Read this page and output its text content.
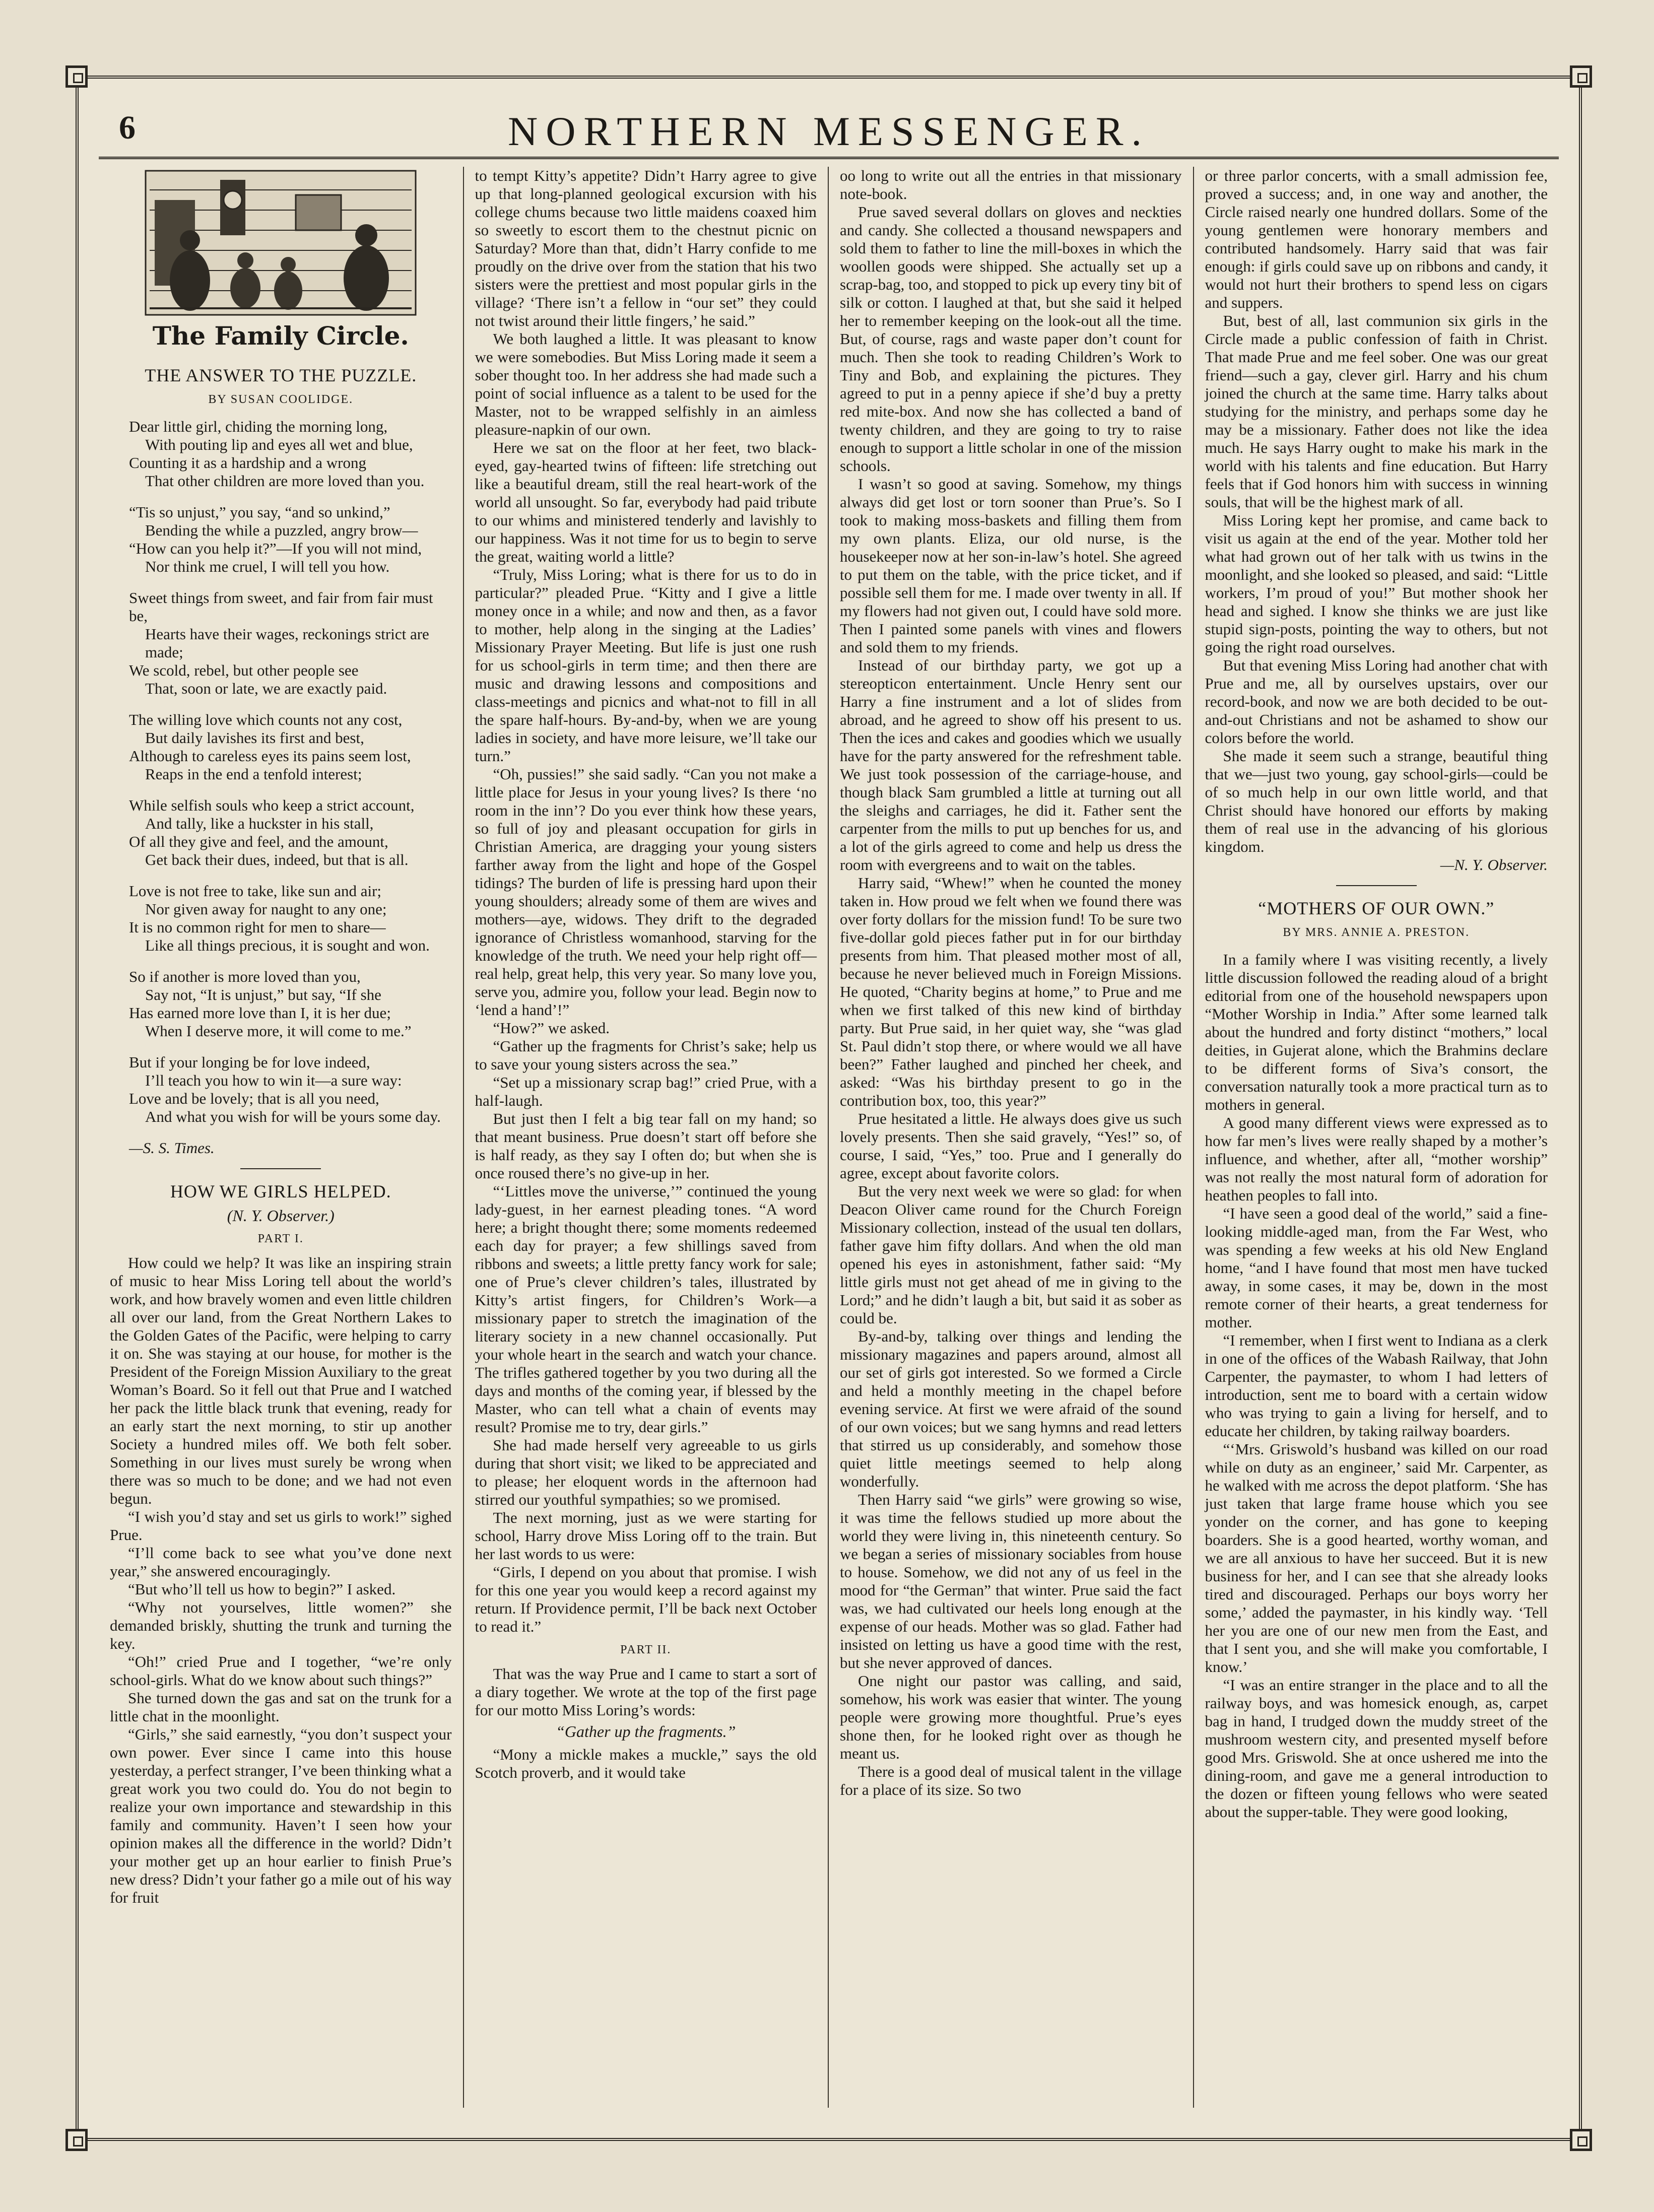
6	NORTHERN MESSENGER.
The Family Circle.
THE ANSWER TO THE PUZZLE.
BY SUSAN COOLIDGE.
Dear little girl, chiding the morning long,
With pouting lip and eyes all wet and blue,
Counting it as a hardship and a wrong
That other children are more loved than you.
“Tis so unjust,” you say, “and so unkind,”
Bending the while a puzzled, angry brow—
“How can you help it?”—If you will not mind,
Nor think me cruel, I will tell you how.
Sweet things from sweet, and fair from fair must be,
Hearts have their wages, reckonings strict are made;
We scold, rebel, but other people see
That, soon or late, we are exactly paid.
The willing love which counts not any cost,
But daily lavishes its first and best,
Although to careless eyes its pains seem lost,
Reaps in the end a tenfold interest;
While selfish souls who keep a strict account,
And tally, like a huckster in his stall,
Of all they give and feel, and the amount,
Get back their dues, indeed, but that is all.
Love is not free to take, like sun and air;
Nor given away for naught to any one;
It is no common right for men to share—
Like all things precious, it is sought and won.
So if another is more loved than you,
Say not, “It is unjust,” but say, “If she
Has earned more love than I, it is her due;
When I deserve more, it will come to me.”
But if your longing be for love indeed,
I’ll teach you how to win it—a sure way:
Love and be lovely; that is all you need,
And what you wish for will be yours some day.
—S. S. Times.
HOW WE GIRLS HELPED.
(N. Y. Observer.)
PART I.

How could we help? It was like an inspiring strain of music to hear Miss Loring tell about the world’s work, and how bravely women and even little children all over our land, from the Great Northern Lakes to the Golden Gates of the Pacific, were helping to carry it on. She was staying at our house, for mother is the President of the Foreign Mission Auxiliary to the great Woman’s Board. So it fell out that Prue and I watched her pack the little black trunk that evening, ready for an early start the next morning, to stir up another Society a hundred miles off. We both felt sober. Something in our lives must surely be wrong when there was so much to be done; and we had not even begun.

“I wish you’d stay and set us girls to work!” sighed Prue.

“I’ll come back to see what you’ve done next year,” she answered encouragingly.

“But who’ll tell us how to begin?” I asked.

“Why not yourselves, little women?” she demanded briskly, shutting the trunk and turning the key.

“Oh!” cried Prue and I together, “we’re only school-girls. What do we know about such things?”

She turned down the gas and sat on the trunk for a little chat in the moonlight.

“Girls,” she said earnestly, “you don’t suspect your own power. Ever since I came into this house yesterday, a perfect stranger, I’ve been thinking what a great work you two could do. You do not begin to realize your own importance and stewardship in this family and community. Haven’t I seen how your opinion makes all the difference in the world? Didn’t your mother get up an hour earlier to finish Prue’s new dress? Didn’t your father go a mile out of his way for fruit

to tempt Kitty’s appetite? Didn’t Harry agree to give up that long-planned geological excursion with his college chums because two little maidens coaxed him so sweetly to escort them to the chestnut picnic on Saturday? More than that, didn’t Harry confide to me proudly on the drive over from the station that his two sisters were the prettiest and most popular girls in the village? ‘There isn’t a fellow in “our set” they could not twist around their little fingers,’ he said.”

We both laughed a little. It was pleasant to know we were somebodies. But Miss Loring made it seem a sober thought too. In her address she had made such a point of social influence as a talent to be used for the Master, not to be wrapped selfishly in an aimless pleasure-napkin of our own.

Here we sat on the floor at her feet, two black-eyed, gay-hearted twins of fifteen: life stretching out like a beautiful dream, still the real heart-work of the world all unsought. So far, everybody had paid tribute to our whims and ministered tenderly and lavishly to our happiness. Was it not time for us to begin to serve the great, waiting world a little?

“Truly, Miss Loring; what is there for us to do in particular?” pleaded Prue. “Kitty and I give a little money once in a while; and now and then, as a favor to mother, help along in the singing at the Ladies’ Missionary Prayer Meeting. But life is just one rush for us school-girls in term time; and then there are music and drawing lessons and compositions and class-meetings and picnics and what-not to fill in all the spare half-hours. By-and-by, when we are young ladies in society, and have more leisure, we’ll take our turn.”

“Oh, pussies!” she said sadly. “Can you not make a little place for Jesus in your young lives? Is there ‘no room in the inn’? Do you ever think how these years, so full of joy and pleasant occupation for girls in Christian America, are dragging your young sisters farther away from the light and hope of the Gospel tidings? The burden of life is pressing hard upon their young shoulders; already some of them are wives and mothers—aye, widows. They drift to the degraded ignorance of Christless womanhood, starving for the knowledge of the truth. We need your help right off—real help, great help, this very year. So many love you, serve you, admire you, follow your lead. Begin now to ‘lend a hand’!”

“How?” we asked.

“Gather up the fragments for Christ’s sake; help us to save your young sisters across the sea.”

“Set up a missionary scrap bag!” cried Prue, with a half-laugh.

But just then I felt a big tear fall on my hand; so that meant business. Prue doesn’t start off before she is half ready, as they say I often do; but when she is once roused there’s no give-up in her.

“‘Littles move the universe,’” continued the young lady-guest, in her earnest pleading tones. “A word here; a bright thought there; some moments redeemed each day for prayer; a few shillings saved from ribbons and sweets; a little pretty fancy work for sale; one of Prue’s clever children’s tales, illustrated by Kitty’s artist fingers, for Children’s Work—a missionary paper to stretch the imagination of the literary society in a new channel occasionally. Put your whole heart in the search and watch your chance. The trifles gathered together by you two during all the days and months of the coming year, if blessed by the Master, who can tell what a chain of events may result? Promise me to try, dear girls.”

She had made herself very agreeable to us girls during that short visit; we liked to be appreciated and to please; her eloquent words in the afternoon had stirred our youthful sympathies; so we promised.

The next morning, just as we were starting for school, Harry drove Miss Loring off to the train. But her last words to us were:

“Girls, I depend on you about that promise. I wish for this one year you would keep a record against my return. If Providence permit, I’ll be back next October to read it.”

PART II.

That was the way Prue and I came to start a sort of a diary together. We wrote at the top of the first page for our motto Miss Loring’s words:

“Gather up the fragments.”

“Mony a mickle makes a muckle,” says the old Scotch proverb, and it would take

oo long to write out all the entries in that missionary note-book.

Prue saved several dollars on gloves and neckties and candy. She collected a thousand newspapers and sold them to father to line the mill-boxes in which the woollen goods were shipped. She actually set up a scrap-bag, too, and stopped to pick up every tiny bit of silk or cotton. I laughed at that, but she said it helped her to remember keeping on the look-out all the time. But, of course, rags and waste paper don’t count for much. Then she took to reading Children’s Work to Tiny and Bob, and explaining the pictures. They agreed to put in a penny apiece if she’d buy a pretty red mite-box. And now she has collected a band of twenty children, and they are going to try to raise enough to support a little scholar in one of the mission schools.

I wasn’t so good at saving. Somehow, my things always did get lost or torn sooner than Prue’s. So I took to making moss-baskets and filling them from my own plants. Eliza, our old nurse, is the housekeeper now at her son-in-law’s hotel. She agreed to put them on the table, with the price ticket, and if possible sell them for me. I made over twenty in all. If my flowers had not given out, I could have sold more. Then I painted some panels with vines and flowers and sold them to my friends.

Instead of our birthday party, we got up a stereopticon entertainment. Uncle Henry sent our Harry a fine instrument and a lot of slides from abroad, and he agreed to show off his present to us. Then the ices and cakes and goodies which we usually have for the party answered for the refreshment table. We just took possession of the carriage-house, and though black Sam grumbled a little at turning out all the sleighs and carriages, he did it. Father sent the carpenter from the mills to put up benches for us, and a lot of the girls agreed to come and help us dress the room with evergreens and to wait on the tables.

Harry said, “Whew!” when he counted the money taken in. How proud we felt when we found there was over forty dollars for the mission fund! To be sure two five-dollar gold pieces father put in for our birthday presents from him. That pleased mother most of all, because he never believed much in Foreign Missions. He quoted, “Charity begins at home,” to Prue and me when we first talked of this new kind of birthday party. But Prue said, in her quiet way, she “was glad St. Paul didn’t stop there, or where would we all have been?” Father laughed and pinched her cheek, and asked: “Was his birthday present to go in the contribution box, too, this year?”

Prue hesitated a little. He always does give us such lovely presents. Then she said gravely, “Yes!” so, of course, I said, “Yes,” too. Prue and I generally do agree, except about favorite colors.

But the very next week we were so glad: for when Deacon Oliver came round for the Church Foreign Missionary collection, instead of the usual ten dollars, father gave him fifty dollars. And when the old man opened his eyes in astonishment, father said: “My little girls must not get ahead of me in giving to the Lord;” and he didn’t laugh a bit, but said it as sober as could be.

By-and-by, talking over things and lending the missionary magazines and papers around, almost all our set of girls got interested. So we formed a Circle and held a monthly meeting in the chapel before evening service. At first we were afraid of the sound of our own voices; but we sang hymns and read letters that stirred us up considerably, and somehow those quiet little meetings seemed to help along wonderfully.

Then Harry said “we girls” were growing so wise, it was time the fellows studied up more about the world they were living in, this nineteenth century. So we began a series of missionary sociables from house to house. Somehow, we did not any of us feel in the mood for “the German” that winter. Prue said the fact was, we had cultivated our heels long enough at the expense of our heads. Mother was so glad. Father had insisted on letting us have a good time with the rest, but she never approved of dances.

One night our pastor was calling, and said, somehow, his work was easier that winter. The young people were growing more thoughtful. Prue’s eyes shone then, for he looked right over as though he meant us.

There is a good deal of musical talent in the village for a place of its size. So two

or three parlor concerts, with a small admission fee, proved a success; and, in one way and another, the Circle raised nearly one hundred dollars. Some of the young gentlemen were honorary members and contributed handsomely. Harry said that was fair enough: if girls could save up on ribbons and candy, it would not hurt their brothers to spend less on cigars and suppers.

But, best of all, last communion six girls in the Circle made a public confession of faith in Christ. That made Prue and me feel sober. One was our great friend—such a gay, clever girl. Harry and his chum joined the church at the same time. Harry talks about studying for the ministry, and perhaps some day he may be a missionary. Father does not like the idea much. He says Harry ought to make his mark in the world with his talents and fine education. But Harry feels that if God honors him with success in winning souls, that will be the highest mark of all.

Miss Loring kept her promise, and came back to visit us again at the end of the year. Mother told her what had grown out of her talk with us twins in the moonlight, and she looked so pleased, and said: “Little workers, I’m proud of you!” But mother shook her head and sighed. I know she thinks we are just like stupid sign-posts, pointing the way to others, but not going the right road ourselves.

But that evening Miss Loring had another chat with Prue and me, all by ourselves upstairs, over our record-book, and now we are both decided to be out-and-out Christians and not be ashamed to show our colors before the world.

She made it seem such a strange, beautiful thing that we—just two young, gay school-girls—could be of so much help in our own little world, and that Christ should have honored our efforts by making them of real use in the advancing of his glorious kingdom.

—N. Y. Observer.
“MOTHERS OF OUR OWN.”
BY MRS. ANNIE A. PRESTON.

In a family where I was visiting recently, a lively little discussion followed the reading aloud of a bright editorial from one of the household newspapers upon “Mother Worship in India.” After some learned talk about the hundred and forty distinct “mothers,” local deities, in Gujerat alone, which the Brahmins declare to be different forms of Siva’s consort, the conversation naturally took a more practical turn as to mothers in general.

A good many different views were expressed as to how far men’s lives were really shaped by a mother’s influence, and whether, after all, “mother worship” was not really the most natural form of adoration for heathen peoples to fall into.

“I have seen a good deal of the world,” said a fine-looking middle-aged man, from the Far West, who was spending a few weeks at his old New England home, “and I have found that most men have tucked away, in some cases, it may be, down in the most remote corner of their hearts, a great tenderness for mother.

“I remember, when I first went to Indiana as a clerk in one of the offices of the Wabash Railway, that John Carpenter, the paymaster, to whom I had letters of introduction, sent me to board with a certain widow who was trying to gain a living for herself, and to educate her children, by taking railway boarders.

“‘Mrs. Griswold’s husband was killed on our road while on duty as an engineer,’ said Mr. Carpenter, as he walked with me across the depot platform. ‘She has just taken that large frame house which you see yonder on the corner, and has gone to keeping boarders. She is a good hearted, worthy woman, and we are all anxious to have her succeed. But it is new business for her, and I can see that she already looks tired and discouraged. Perhaps our boys worry her some,’ added the paymaster, in his kindly way. ‘Tell her you are one of our new men from the East, and that I sent you, and she will make you comfortable, I know.’

“I was an entire stranger in the place and to all the railway boys, and was homesick enough, as, carpet bag in hand, I trudged down the muddy street of the mushroom western city, and presented myself before good Mrs. Griswold. She at once ushered me into the dining-room, and gave me a general introduction to the dozen or fifteen young fellows who were seated about the supper-table. They were good looking,
